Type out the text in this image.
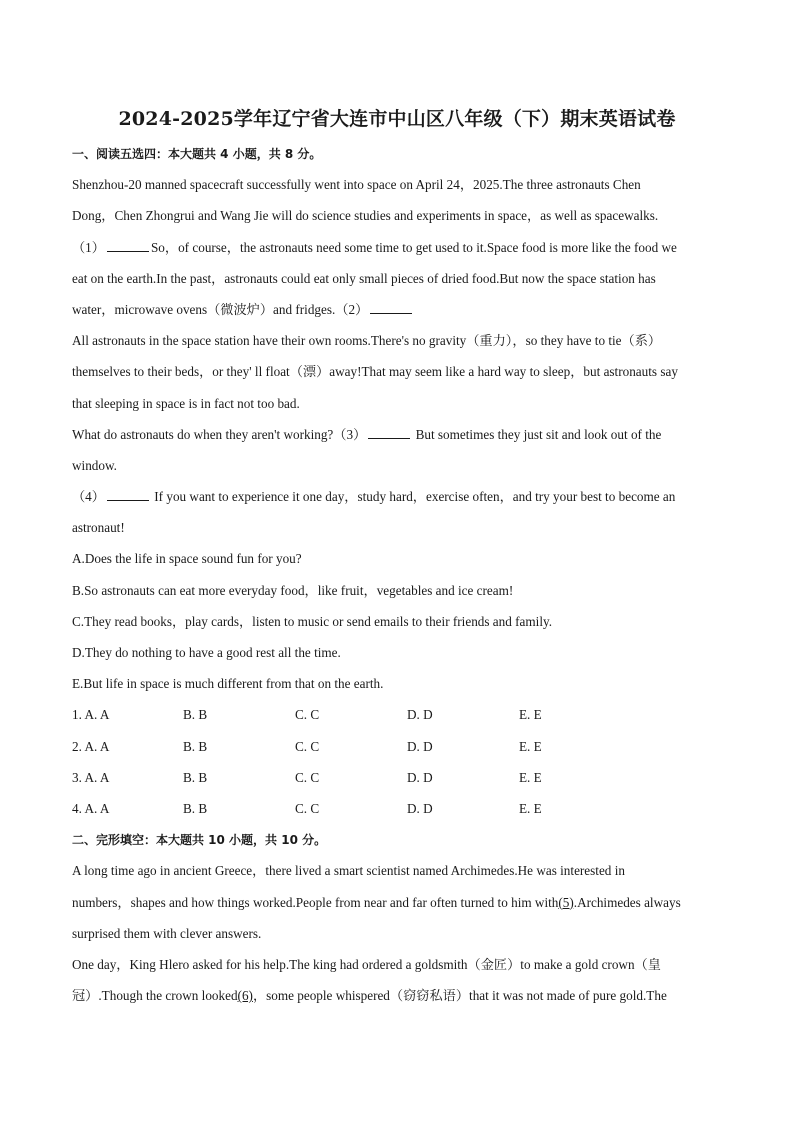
2024-2025学年辽宁省大连市中山区八年级（下）期末英语试卷
一、阅读五选四：本大题共 4 小题，共 8 分。
Shenzhou-20 manned spacecraft successfully went into space on April 24，2025.The three astronauts Chen
Dong，Chen Zhongrui and Wang Jie will do science studies and experiments in space，as well as spacewalks.
（1）	So，of course，the astronauts need some time to get used to it.Space food is more like the food we
eat on the earth.In the past，astronauts could eat only small pieces of dried food.But now the space station has
water，microwave ovens（微波炉）and fridges.（2）
All astronauts in the space station have their own rooms.There's no gravity（重力），so they have to tie（系）
themselves to their beds，or they' ll float（漂）away!That may seem like a hard way to sleep，but astronauts say
that sleeping in space is in fact not too bad.
What do astronauts do when they aren't working?（3）	But sometimes they just sit and look out of the
window.
（4）	If you want to experience it one day，study hard，exercise often，and try your best to become an
astronaut!
A.Does the life in space sound fun for you?
B.So astronauts can eat more everyday food，like fruit，vegetables and ice cream!
C.They read books，play cards，listen to music or send emails to their friends and family.
D.They do nothing to have a good rest all the time.
E.But life in space is much different from that on the earth.
1. A. A	B. B	C. C	D. D	E. E
2. A. A	B. B	C. C	D. D	E. E
3. A. A	B. B	C. C	D. D	E. E
4. A. A	B. B	C. C	D. D	E. E
二、完形填空：本大题共 10 小题，共 10 分。
A long time ago in ancient Greece，there lived a smart scientist named Archimedes.He was interested in
numbers，shapes and how things worked.People from near and far often turned to him with(5).Archimedes always
surprised them with clever answers.
One day，King Hlero asked for his help.The king had ordered a goldsmith（金匠）to make a gold crown（皇
冠）.Though the crown looked(6)，some people whispered（窃窃私语）that it was not made of pure gold.The
